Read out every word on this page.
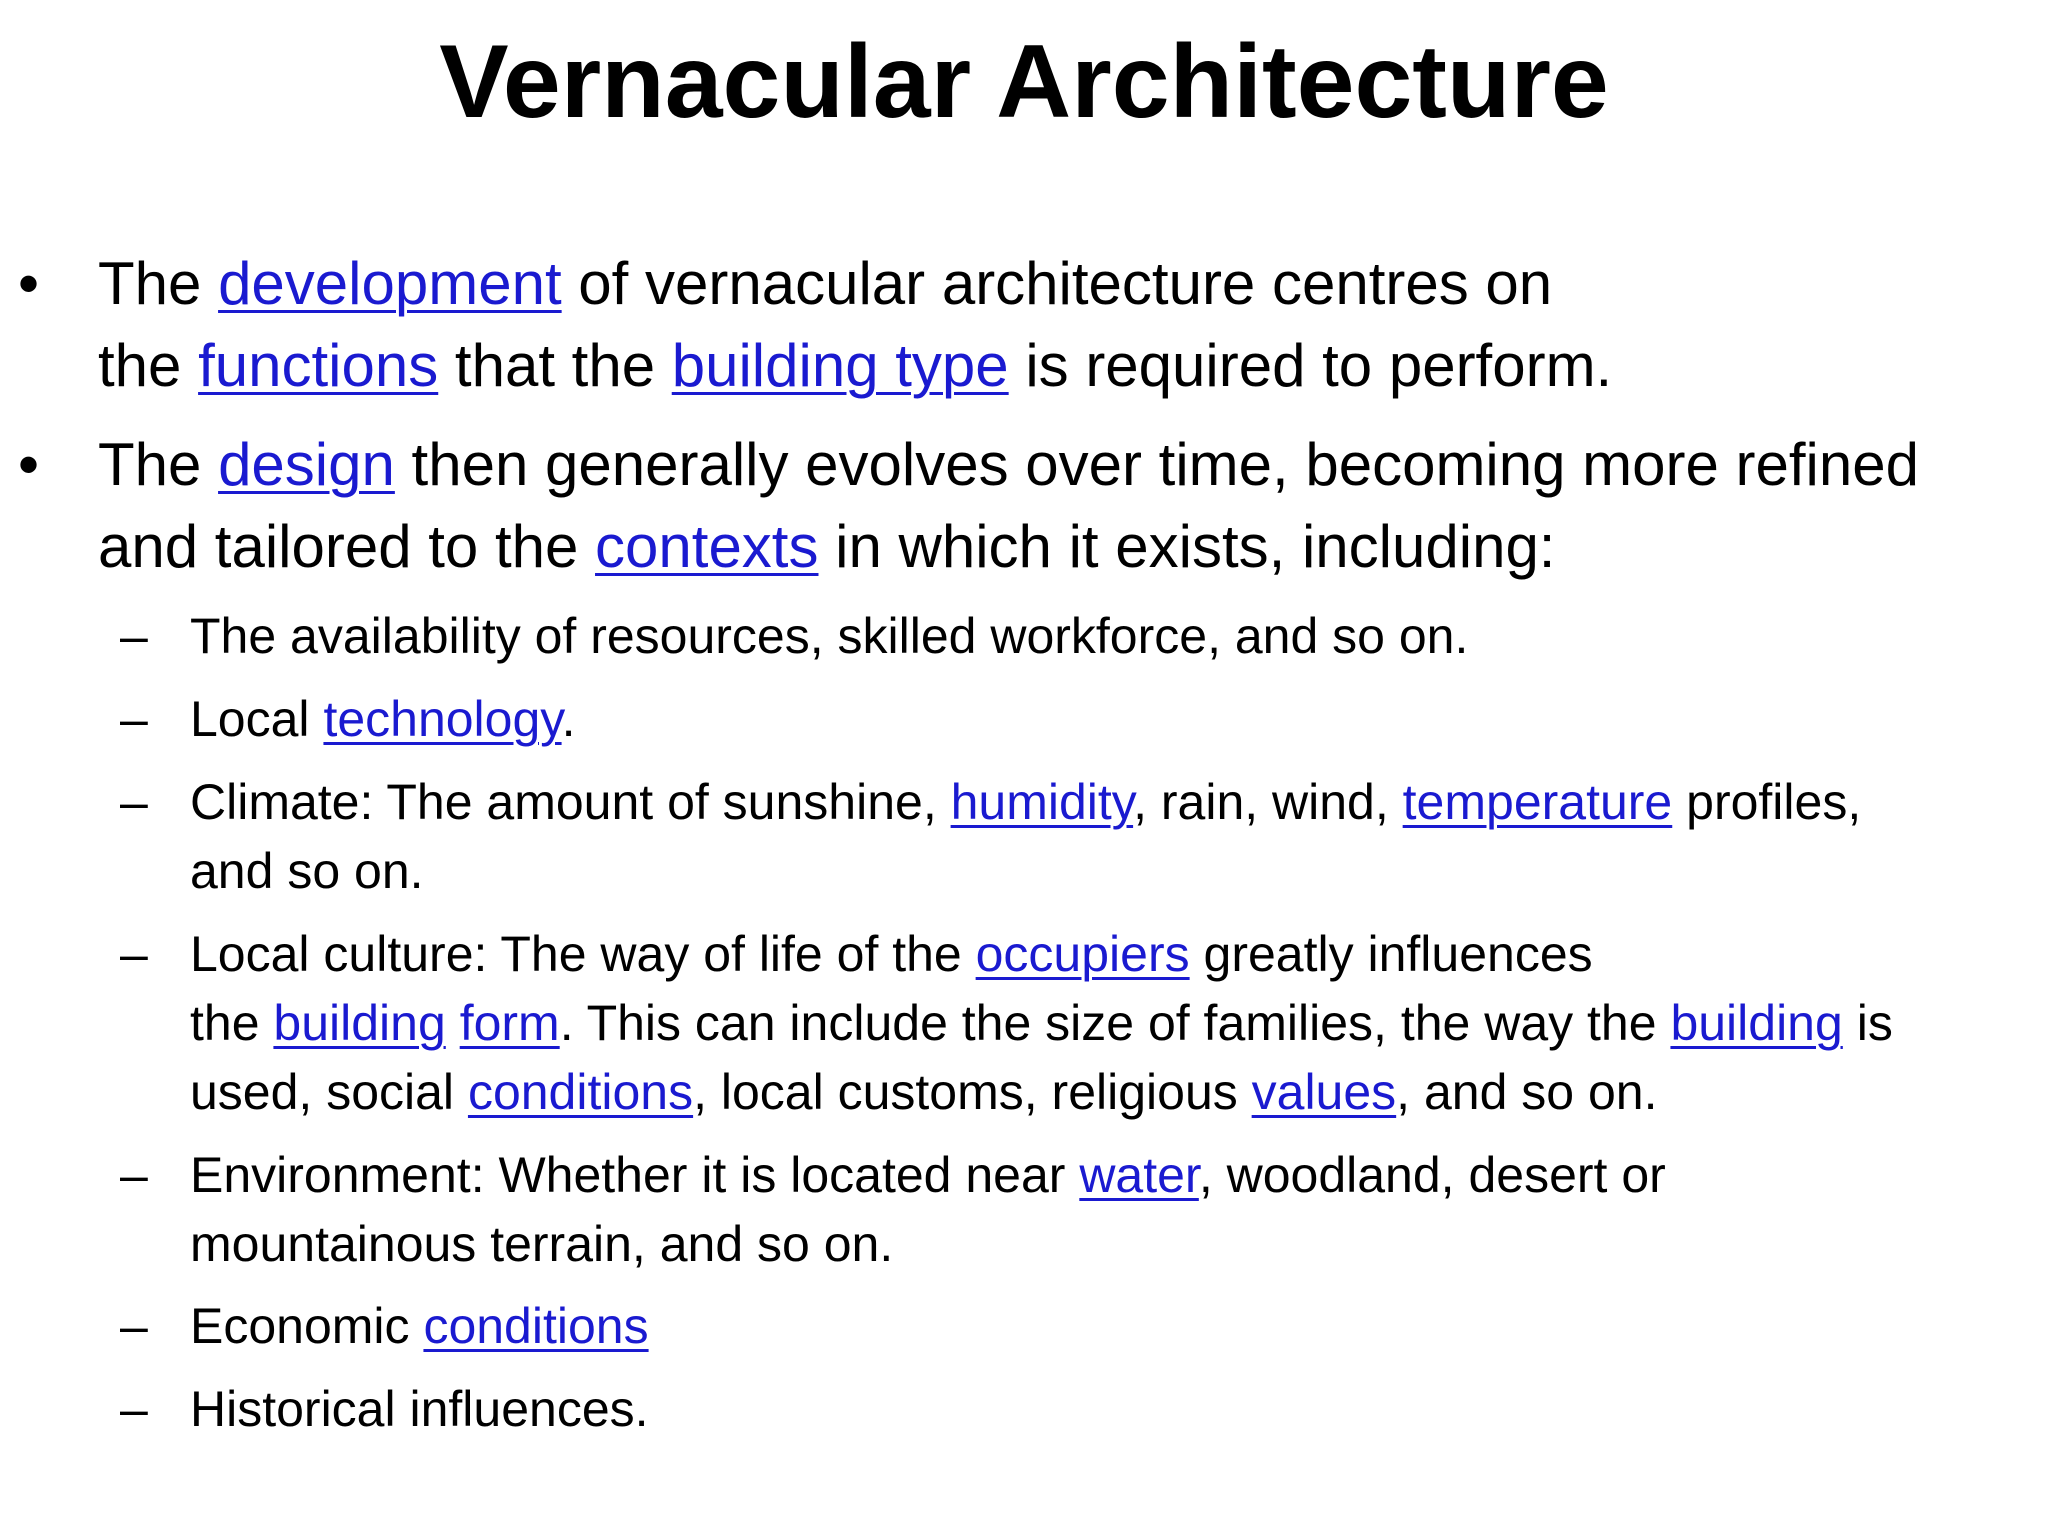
Vernacular Architecture
• The development of vernacular architecture centres on
the functions that the building type is required to perform.
• The design then generally evolves over time, becoming more refined
and tailored to the contexts in which it exists, including:
– The availability of resources, skilled workforce, and so on.
– Local technology.
– Climate: The amount of sunshine, humidity, rain, wind, temperature profiles,
and so on.
– Local culture: The way of life of the occupiers greatly influences
the building form. This can include the size of families, the way the building is
used, social conditions, local customs, religious values, and so on.
– Environment: Whether it is located near water, woodland, desert or
mountainous terrain, and so on.
– Economic conditions
– Historical influences.
